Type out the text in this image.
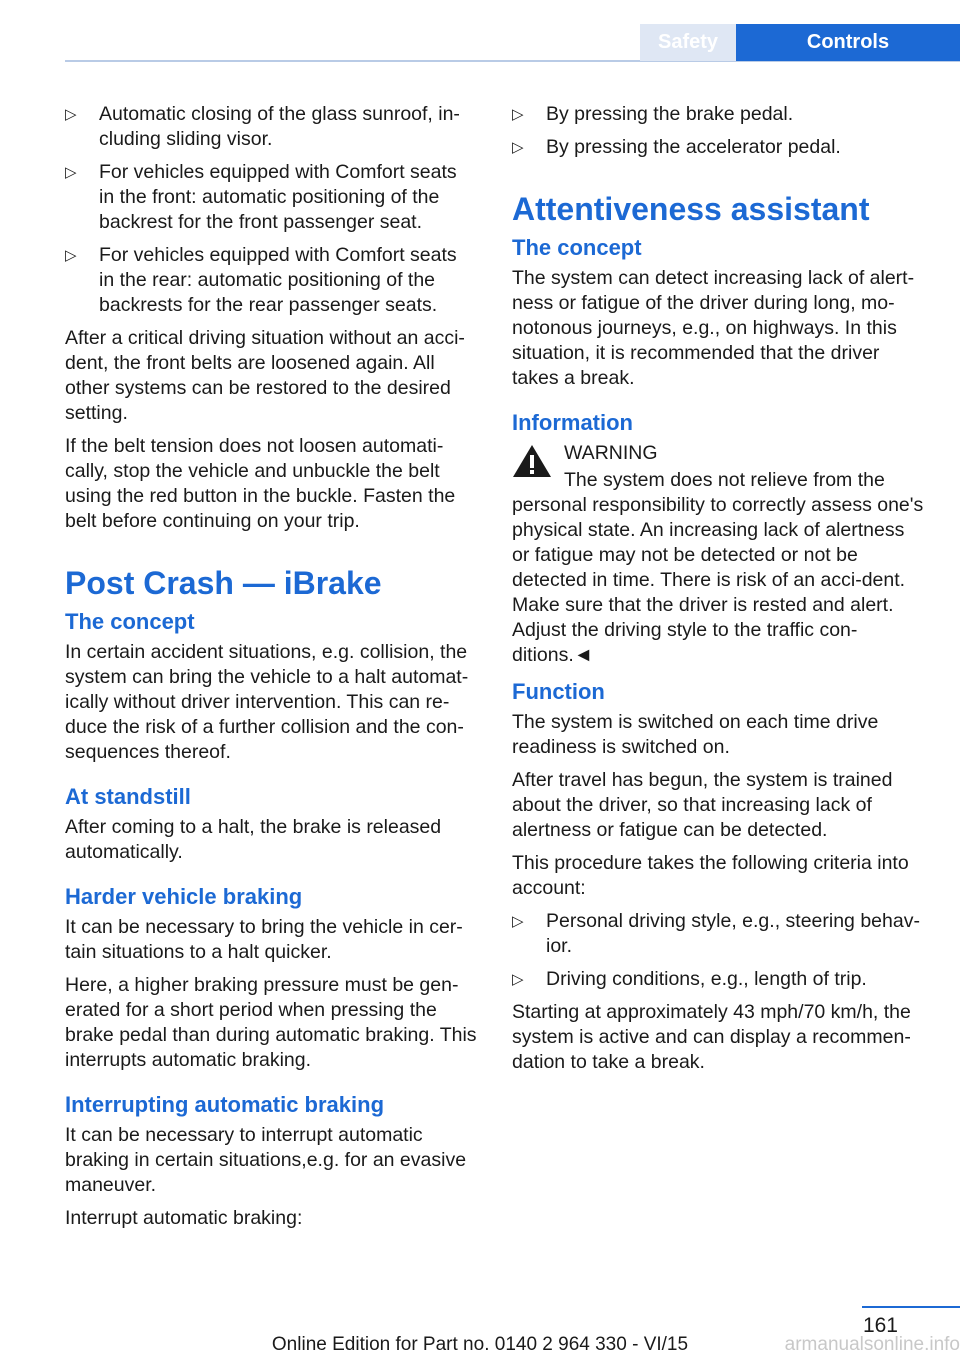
Safety	Controls
▷	Automatic closing of the glass sunroof, in-cluding sliding visor.
▷	For vehicles equipped with Comfort seats in the front: automatic positioning of the backrest for the front passenger seat.
▷	For vehicles equipped with Comfort seats in the rear: automatic positioning of the backrests for the rear passenger seats.

After a critical driving situation without an acci-dent, the front belts are loosened again. All other systems can be restored to the desired setting.

If the belt tension does not loosen automati-cally, stop the vehicle and unbuckle the belt using the red button in the buckle. Fasten the belt before continuing on your trip.

Post Crash — iBrake
The concept

In certain accident situations, e.g. collision, the system can bring the vehicle to a halt automat-ically without driver intervention. This can re-duce the risk of a further collision and the con-sequences thereof.

At standstill

After coming to a halt, the brake is released automatically.

Harder vehicle braking

It can be necessary to bring the vehicle in cer-tain situations to a halt quicker.

Here, a higher braking pressure must be gen-erated for a short period when pressing the brake pedal than during automatic braking. This interrupts automatic braking.

Interrupting automatic braking

It can be necessary to interrupt automatic braking in certain situations,e.g. for an evasive maneuver.

Interrupt automatic braking:

▷	By pressing the brake pedal.
▷	By pressing the accelerator pedal.
Attentiveness assistant
The concept

The system can detect increasing lack of alert-ness or fatigue of the driver during long, mo-notonous journeys, e.g., on highways. In this situation, it is recommended that the driver takes a break.

Information
WARNING
The system does not relieve from the personal responsibility to correctly assess one's physical state. An increasing lack of alertness or fatigue may not be detected or not be detected in time. There is risk of an acci-dent. Make sure that the driver is rested and alert. Adjust the driving style to the traffic con-ditions.◄
Function

The system is switched on each time drive readiness is switched on.

After travel has begun, the system is trained about the driver, so that increasing lack of alertness or fatigue can be detected.

This procedure takes the following criteria into account:

▷	Personal driving style, e.g., steering behav-ior.
▷	Driving conditions, e.g., length of trip.

Starting at approximately 43 mph/70 km/h, the system is active and can display a recommen-dation to take a break.

161
Online Edition for Part no. 0140 2 964 330 - VI/15	armanualsonline.info
